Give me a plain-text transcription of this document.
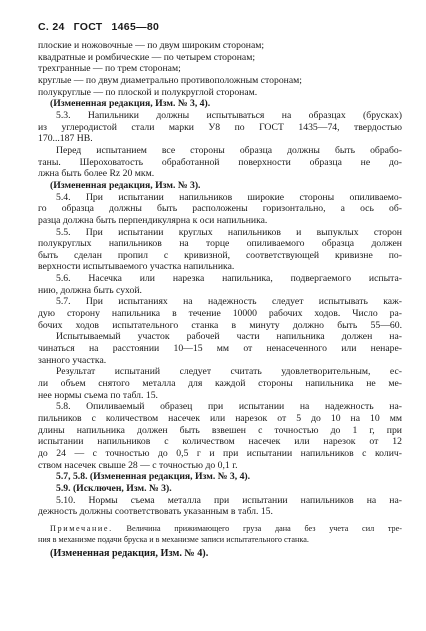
С. 24 ГОСТ 1465—80

плоские и ножовочные — по двум широким сторонам;

квадратные и ромбические — по четырем сторонам;

трехгранные — по трем сторонам;

круглые — по двум диаметрально противоположным сторонам;

полукруглые — по плоской и полукруглой сторонам.

(Измененная редакция, Изм. № 3, 4).

5.3. Напильники должны испытываться на образцах (брусках)

из углеродистой стали марки У8 по ГОСТ 1435—74, твердостью

170...187 НВ.

Перед испытанием все стороны образца должны быть обрабо-

таны. Шероховатость обработанной поверхности образца не до-

лжна быть более Rz 20 мкм.

(Измененная редакция, Изм. № 3).

5.4. При испытании напильников широкие стороны опиливаемо-

го образца должны быть расположены горизонтально, а ось об-

разца должна быть перпендикулярна к оси напильника.

5.5. При испытании круглых напильников и выпуклых сторон

полукруглых напильников на торце опиливаемого образца должен

быть сделан пропил с кривизной, соответствующей кривизне по-

верхности испытываемого участка напильника.

5.6. Насечка или нарезка напильника, подвергаемого испыта-

нию, должна быть сухой.

5.7. При испытаниях на надежность следует испытывать каж-

дую сторону напильника в течение 10000 рабочих ходов. Число ра-

бочих ходов испытательного станка в минуту должно быть 55—60.

Испытываемый участок рабочей части напильника должен на-

чинаться на расстоянии 10—15 мм от ненасеченного или ненаре-

занного участка.

Результат испытаний следует считать удовлетворительным, ес-

ли объем снятого металла для каждой стороны напильника не ме-

нее нормы съема по табл. 15.

5.8. Опиливаемый образец при испытании на надежность на-

пильников с количеством насечек или нарезок от 5 до 10 на 10 мм

длины напильника должен быть взвешен с точностью до 1 г, при

испытании напильников с количеством насечек или нарезок от 12

до 24 — с точностью до 0,5 г и при испытании напильников с колич-

ством насечек свыше 28 — с точностью до 0,1 г.

5.7, 5.8. (Измененная редакция, Изм. № 3, 4).

5.9. (Исключен, Изм. № 3).

5.10. Нормы съема металла при испытании напильников на на-

дежность должны соответствовать указанным в табл. 15.

Примечание. Величина прижимающего груза дана без учета сил тре-

ния в механизме подачи бруска и в механизме записи испытательного станка.

(Измененная редакция, Изм. № 4).
